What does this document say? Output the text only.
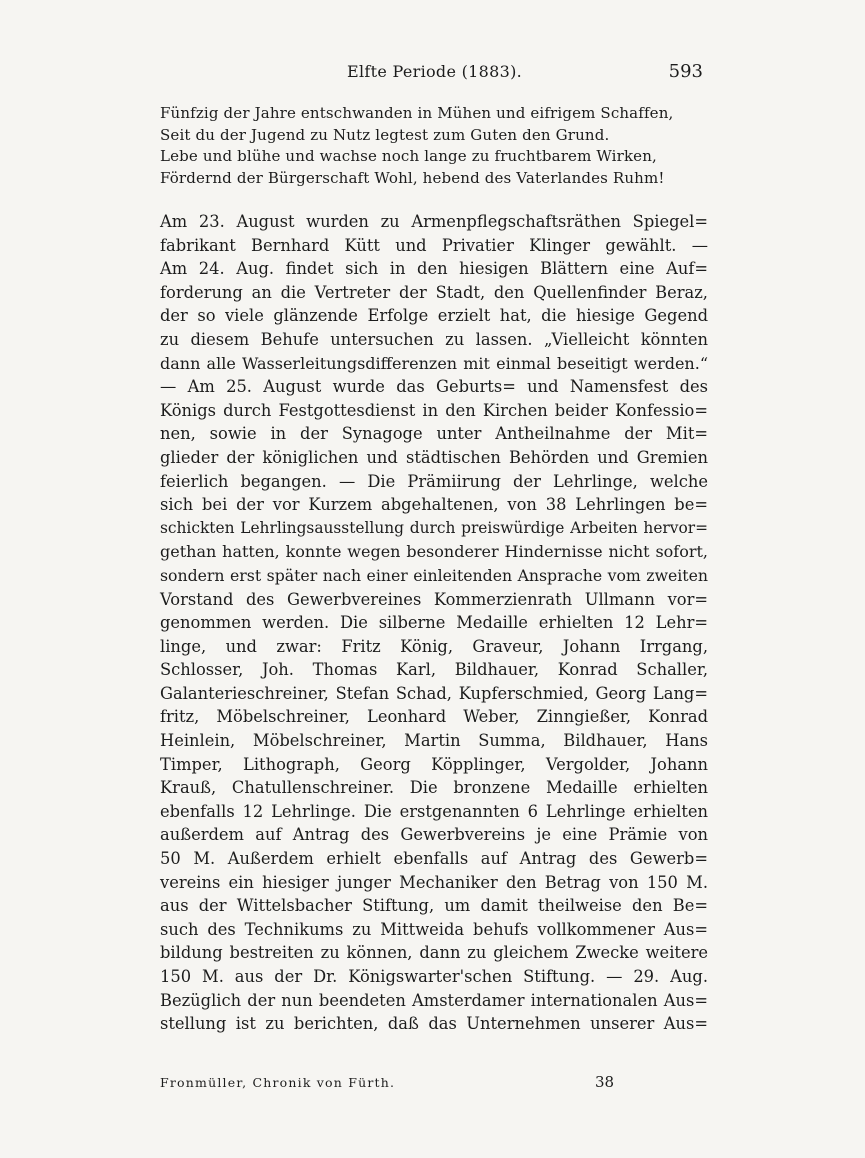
Elfte Periode (1883).	593
Fünfzig der Jahre entschwanden in Mühen und eifrigem Schaffen,
Seit du der Jugend zu Nutz legtest zum Guten den Grund.
Lebe und blühe und wachse noch lange zu fruchtbarem Wirken,
Fördernd der Bürgerschaft Wohl, hebend des Vaterlandes Ruhm!
Am 23. August wurden zu Armenpflegschaftsräthen Spiegel=
fabrikant Bernhard Kütt und Privatier Klinger gewählt. —
Am 24. Aug. findet sich in den hiesigen Blättern eine Auf=
forderung an die Vertreter der Stadt, den Quellenfinder Beraz,
der so viele glänzende Erfolge erzielt hat, die hiesige Gegend
zu diesem Behufe untersuchen zu lassen. „Vielleicht könnten
dann alle Wasserleitungsdifferenzen mit einmal beseitigt werden.“
— Am 25. August wurde das Geburts= und Namensfest des
Königs durch Festgottesdienst in den Kirchen beider Konfessio=
nen, sowie in der Synagoge unter Antheilnahme der Mit=
glieder der königlichen und städtischen Behörden und Gremien
feierlich begangen. — Die Prämiirung der Lehrlinge, welche
sich bei der vor Kurzem abgehaltenen, von 38 Lehrlingen be=
schickten Lehrlingsausstellung durch preiswürdige Arbeiten hervor=
gethan hatten, konnte wegen besonderer Hindernisse nicht sofort,
sondern erst später nach einer einleitenden Ansprache vom zweiten
Vorstand des Gewerbvereines Kommerzienrath Ullmann vor=
genommen werden. Die silberne Medaille erhielten 12 Lehr=
linge, und zwar: Fritz König, Graveur, Johann Irrgang,
Schlosser, Joh. Thomas Karl, Bildhauer, Konrad Schaller,
Galanterieschreiner, Stefan Schad, Kupferschmied, Georg Lang=
fritz, Möbelschreiner, Leonhard Weber, Zinngießer, Konrad
Heinlein, Möbelschreiner, Martin Summa, Bildhauer, Hans
Timper, Lithograph, Georg Köpplinger, Vergolder, Johann
Krauß, Chatullenschreiner. Die bronzene Medaille erhielten
ebenfalls 12 Lehrlinge. Die erstgenannten 6 Lehrlinge erhielten
außerdem auf Antrag des Gewerbvereins je eine Prämie von
50 M. Außerdem erhielt ebenfalls auf Antrag des Gewerb=
vereins ein hiesiger junger Mechaniker den Betrag von 150 M.
aus der Wittelsbacher Stiftung, um damit theilweise den Be=
such des Technikums zu Mittweida behufs vollkommener Aus=
bildung bestreiten zu können, dann zu gleichem Zwecke weitere
150 M. aus der Dr. Königswarter'schen Stiftung. — 29. Aug.
Bezüglich der nun beendeten Amsterdamer internationalen Aus=
stellung ist zu berichten, daß das Unternehmen unserer Aus=
Fronmüller, Chronik von Fürth.	38
